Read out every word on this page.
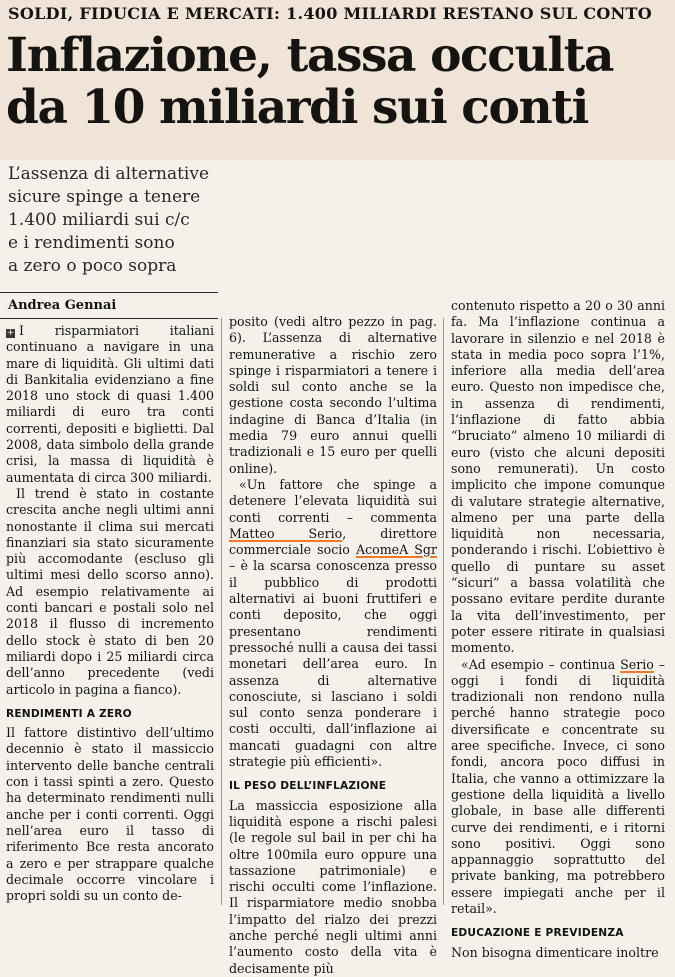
SOLDI, FIDUCIA E MERCATI: 1.400 MILIARDI RESTANO SUL CONTO
Inflazione, tassa occulta
da 10 miliardi sui conti
L’assenza di alternative
sicure spinge a tenere
1.400 miliardi sui c/c
e i rendimenti sono
a zero o poco sopra
Andrea Gennai

+ I risparmiatori italiani continuano a navigare in una mare di liquidità. Gli ultimi dati di Bankitalia evidenziano a fine 2018 uno stock di quasi 1.400 miliardi di euro tra conti correnti, depositi e biglietti. Dal 2008, data simbolo della grande crisi, la massa di liquidità è aumentata di circa 300 miliardi.

Il trend è stato in costante crescita anche negli ultimi anni nonostante il clima sui mercati finanziari sia stato sicuramente più accomodante (escluso gli ultimi mesi dello scorso anno). Ad esempio relativamente ai conti bancari e postali solo nel 2018 il flusso di incremento dello stock è stato di ben 20 miliardi dopo i 25 miliardi circa dell’anno precedente (vedi articolo in pagina a fianco).

RENDIMENTI A ZERO

Il fattore distintivo dell’ultimo decennio è stato il massiccio intervento delle banche centrali con i tassi spinti a zero. Questo ha determinato rendimenti nulli anche per i conti correnti. Oggi nell’area euro il tasso di riferimento Bce resta ancorato a zero e per strappare qualche decimale occorre vincolare i propri soldi su un conto de-

posito (vedi altro pezzo in pag. 6). L’assenza di alternative remunerative a rischio zero spinge i risparmiatori a tenere i soldi sul conto anche se la gestione costa secondo l’ultima indagine di Banca d’Italia (in media 79 euro annui quelli tradizionali e 15 euro per quelli online).

«Un fattore che spinge a detenere l’elevata liquidità sui conti correnti – commenta Matteo Serio, direttore commerciale socio AcomeA Sgr – è la scarsa conoscenza presso il pubblico di prodotti alternativi ai buoni fruttiferi e conti deposito, che oggi presentano rendimenti pressoché nulli a causa dei tassi monetari dell’area euro. In assenza di alternative conosciute, si lasciano i soldi sul conto senza ponderare i costi occulti, dall’inflazione ai mancati guadagni con altre strategie più efficienti».

IL PESO DELL’INFLAZIONE

La massiccia esposizione alla liquidità espone a rischi palesi (le regole sul bail in per chi ha oltre 100mila euro oppure una tassazione patrimoniale) e rischi occulti come l’inflazione. Il risparmiatore medio snobba l’impatto del rialzo dei prezzi anche perché negli ultimi anni l’aumento costo della vita è decisamente più

contenuto rispetto a 20 o 30 anni fa. Ma l’inflazione continua a lavorare in silenzio e nel 2018 è stata in media poco sopra l’1%, inferiore alla media dell’area euro. Questo non impedisce che, in assenza di rendimenti, l’inflazione di fatto abbia “bruciato” almeno 10 miliardi di euro (visto che alcuni depositi sono remunerati). Un costo implicito che impone comunque di valutare strategie alternative, almeno per una parte della liquidità non necessaria, ponderando i rischi. L’obiettivo è quello di puntare su asset “sicuri” a bassa volatilità che possano evitare perdite durante la vita dell’investimento, per poter essere ritirate in qualsiasi momento.

«Ad esempio – continua Serio – oggi i fondi di liquidità tradizionali non rendono nulla perché hanno strategie poco diversificate e concentrate su aree specifiche. Invece, ci sono fondi, ancora poco diffusi in Italia, che vanno a ottimizzare la gestione della liquidità a livello globale, in base alle differenti curve dei rendimenti, e i ritorni sono positivi. Oggi sono appannaggio soprattutto del private banking, ma potrebbero essere impiegati anche per il retail».

EDUCAZIONE E PREVIDENZA

Non bisogna dimenticare inoltre
